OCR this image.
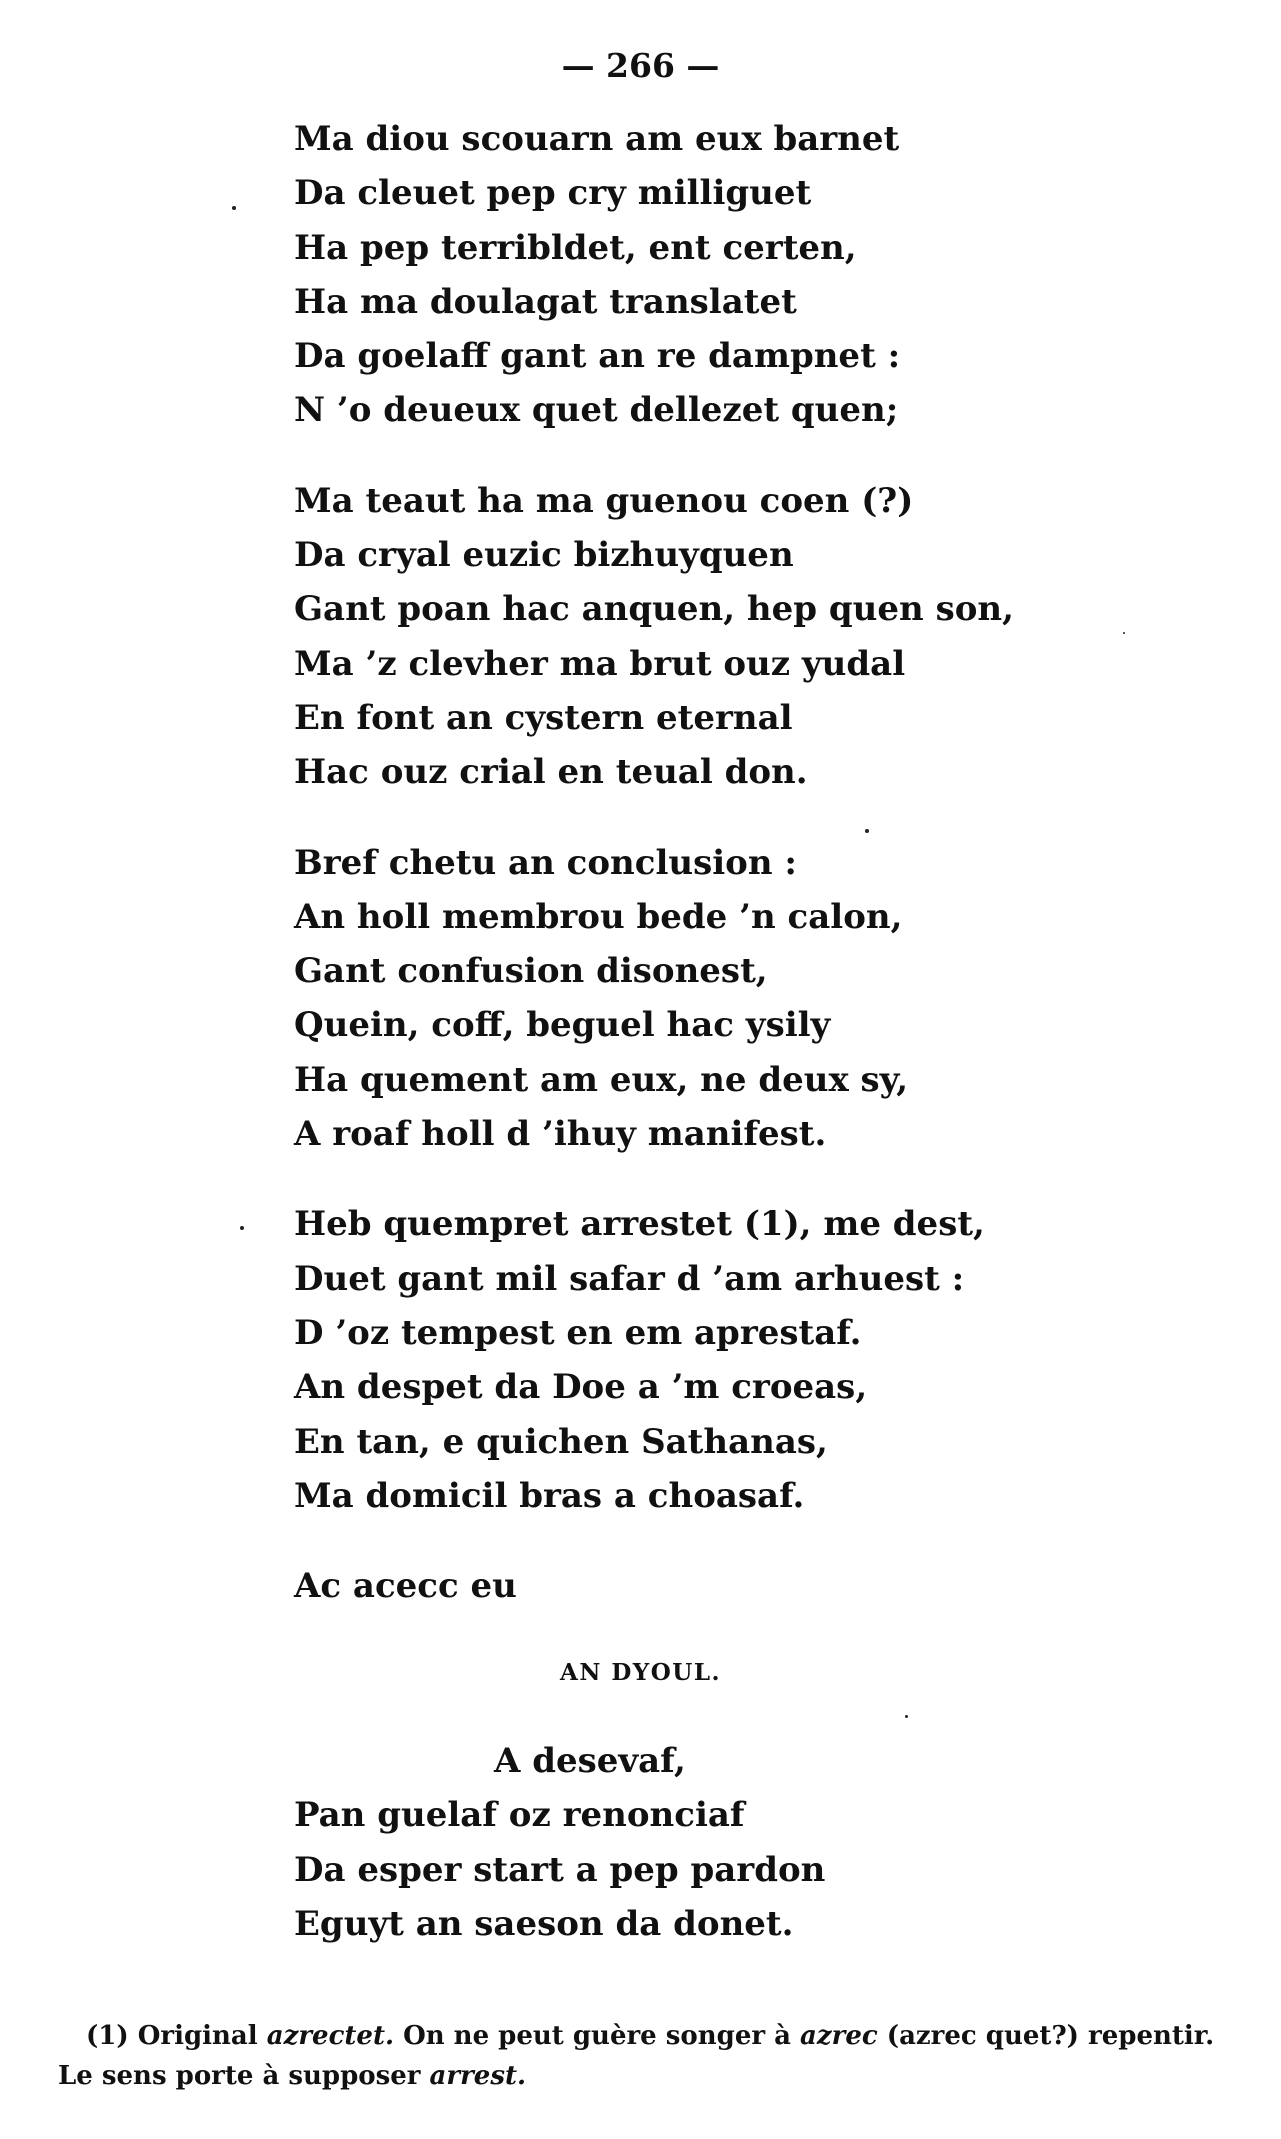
— 266 —
Ma diou scouarn am eux barnet
Da cleuet pep cry milliguet
Ha pep terribldet, ent certen,
Ha ma doulagat translatet
Da goelaff gant an re dampnet :
N ’o deueux quet dellezet quen;
Ma teaut ha ma guenou coen (?)
Da cryal euzic bizhuyquen
Gant poan hac anquen, hep quen son,
Ma ’z clevher ma brut ouz yudal
En font an cystern eternal
Hac ouz crial en teual don.
Bref chetu an conclusion :
An holl membrou bede ’n calon,
Gant confusion disonest,
Quein, coff, beguel hac ysily
Ha quement am eux, ne deux sy,
A roaf holl d ’ihuy manifest.
Heb quempret arrestet (1), me dest,
Duet gant mil safar d ’am arhuest :
D ’oz tempest en em aprestaf.
An despet da Doe a ’m croeas,
En tan, e quichen Sathanas,
Ma domicil bras a choasaf.
Ac acecc eu
AN DYOUL.
A desevaf,
Pan guelaf oz renonciaf
Da esper start a pep pardon
Eguyt an saeson da donet.
(1) Original azrectet. On ne peut guère songer à azrec (azrec quet?) repentir.
Le sens porte à supposer arrest.
